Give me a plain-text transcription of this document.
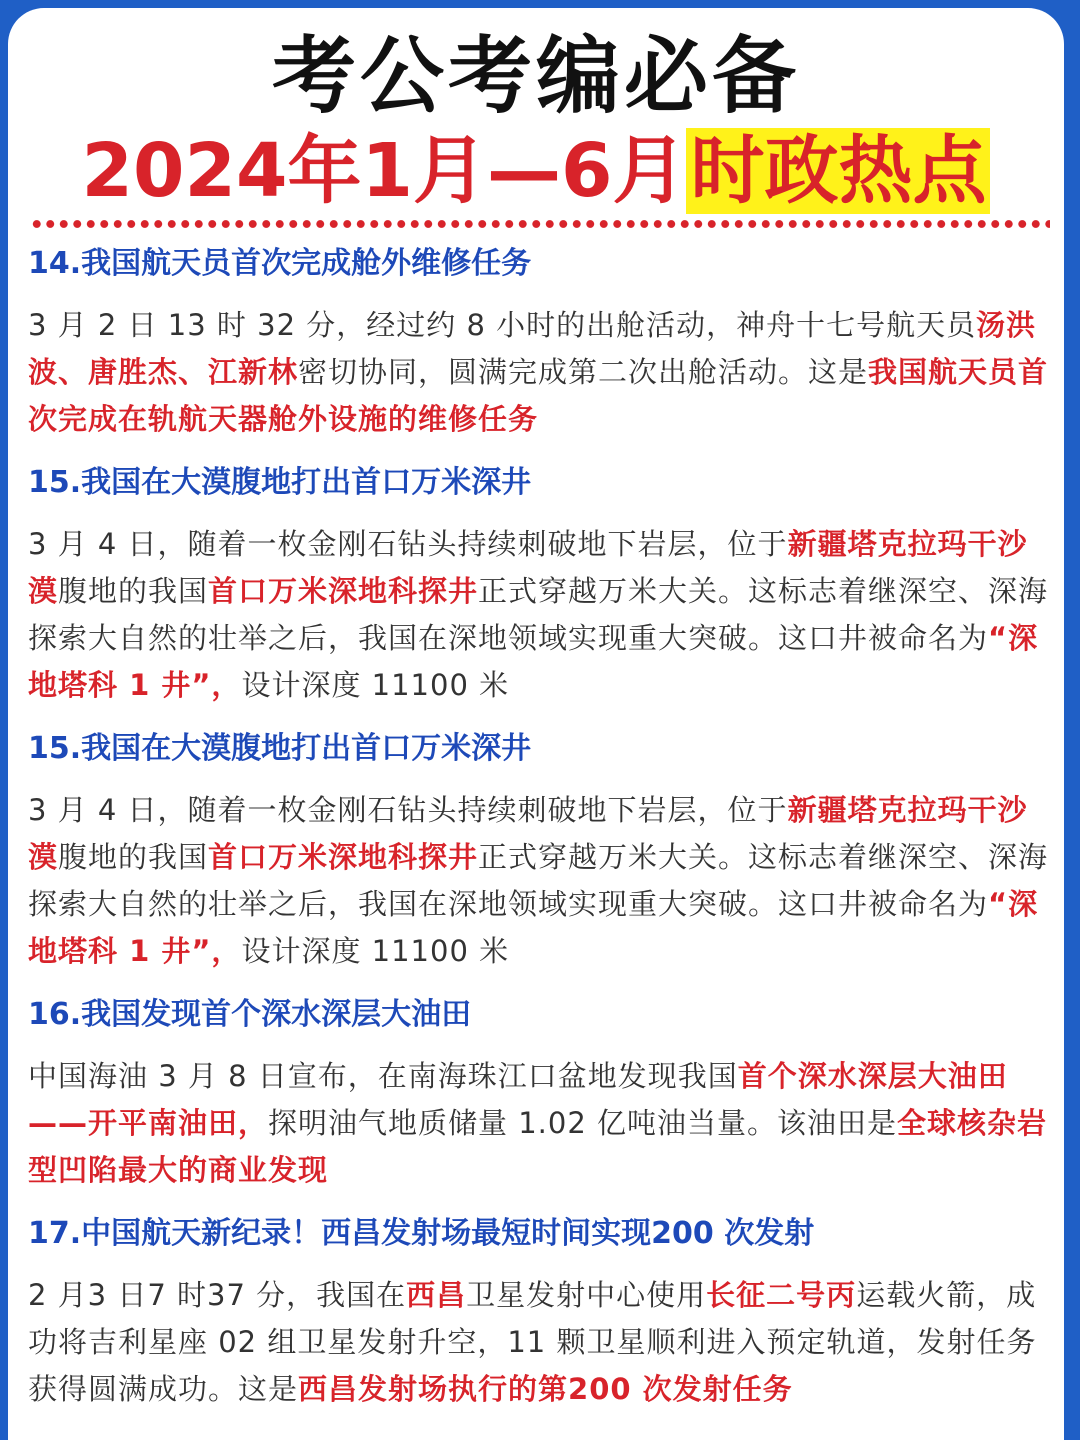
考公考编必备
2024年1月—6月时政热点
14.我国航天员首次完成舱外维修任务
3 月 2 日 13 时 32 分，经过约 8 小时的出舱活动，神舟十七号航天员汤洪波、唐胜杰、江新林密切协同，圆满完成第二次出舱活动。这是我国航天员首次完成在轨航天器舱外设施的维修任务
15.我国在大漠腹地打出首口万米深井
3 月 4 日，随着一枚金刚石钻头持续刺破地下岩层，位于新疆塔克拉玛干沙漠腹地的我国首口万米深地科探井正式穿越万米大关。这标志着继深空、深海探索大自然的壮举之后，我国在深地领域实现重大突破。这口井被命名为“深地塔科 1 井”，设计深度 11100 米
15.我国在大漠腹地打出首口万米深井
3 月 4 日，随着一枚金刚石钻头持续刺破地下岩层，位于新疆塔克拉玛干沙漠腹地的我国首口万米深地科探井正式穿越万米大关。这标志着继深空、深海探索大自然的壮举之后，我国在深地领域实现重大突破。这口井被命名为“深地塔科 1 井”，设计深度 11100 米
16.我国发现首个深水深层大油田
中国海油 3 月 8 日宣布，在南海珠江口盆地发现我国首个深水深层大油田——开平南油田，探明油气地质储量 1.02 亿吨油当量。该油田是全球核杂岩型凹陷最大的商业发现
17.中国航天新纪录！西昌发射场最短时间实现200 次发射
2 月3 日7 时37 分，我国在西昌卫星发射中心使用长征二号丙运载火箭，成功将吉利星座 02 组卫星发射升空，11 颗卫星顺利进入预定轨道，发射任务获得圆满成功。这是西昌发射场执行的第200 次发射任务
